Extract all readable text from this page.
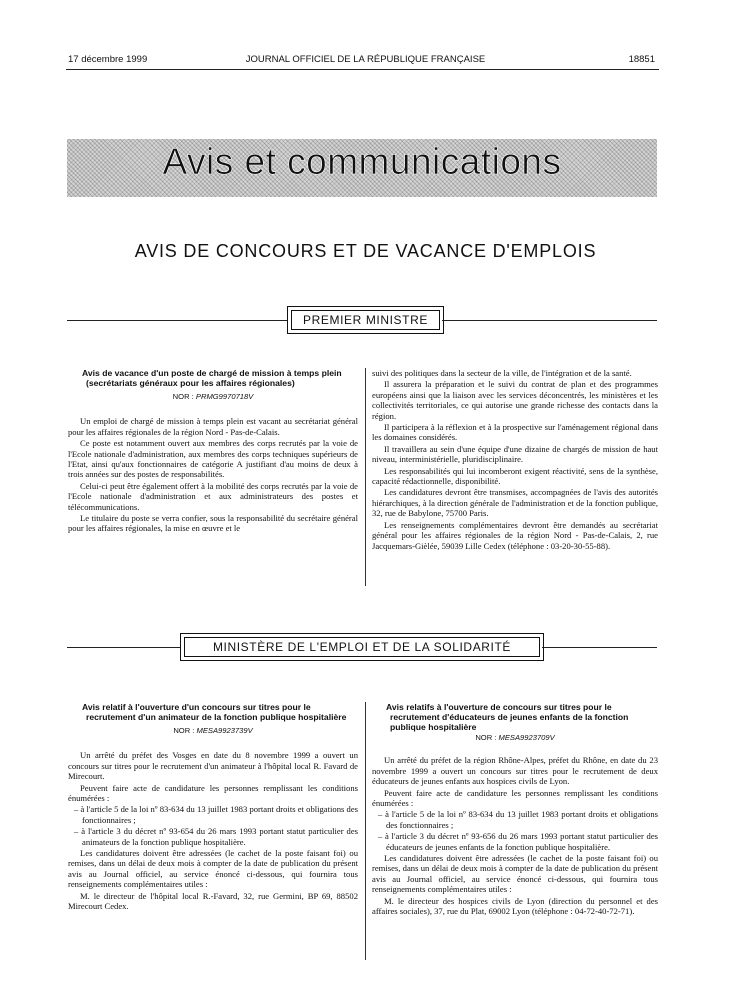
17 décembre 1999	JOURNAL OFFICIEL DE LA RÉPUBLIQUE FRANÇAISE	18851
Avis et communications
AVIS DE CONCOURS ET DE VACANCE D'EMPLOIS
PREMIER MINISTRE
Avis de vacance d'un poste de chargé de mission à temps plein (secrétariats généraux pour les affaires régionales)
NOR : PRMG9970718V

Un emploi de chargé de mission à temps plein est vacant au secrétariat général pour les affaires régionales de la région Nord - Pas-de-Calais.

Ce poste est notamment ouvert aux membres des corps recrutés par la voie de l'Ecole nationale d'administration, aux membres des corps techniques supérieurs de l'Etat, ainsi qu'aux fonctionnaires de catégorie A justifiant d'au moins de deux à trois années sur des postes de responsabilités.

Celui-ci peut être également offert à la mobilité des corps recrutés par la voie de l'Ecole nationale d'administration et aux administrateurs des postes et télécommunications.

Le titulaire du poste se verra confier, sous la responsabilité du secrétaire général pour les affaires régionales, la mise en œuvre et le

suivi des politiques dans la secteur de la ville, de l'intégration et de la santé.

Il assurera la préparation et le suivi du contrat de plan et des programmes européens ainsi que la liaison avec les services déconcentrés, les ministères et les collectivités territoriales, ce qui autorise une grande richesse des contacts dans la région.

Il participera à la réflexion et à la prospective sur l'aménagement régional dans les domaines considérés.

Il travaillera au sein d'une équipe d'une dizaine de chargés de mission de haut niveau, interministérielle, pluridisciplinaire.

Les responsabilités qui lui incomberont exigent réactivité, sens de la synthèse, capacité rédactionnelle, disponibilité.

Les candidatures devront être transmises, accompagnées de l'avis des autorités hiérarchiques, à la direction générale de l'administration et de la fonction publique, 32, rue de Babylone, 75700 Paris.

Les renseignements complémentaires devront être demandés au secrétariat général pour les affaires régionales de la région Nord - Pas-de-Calais, 2, rue Jacquemars-Gièlée, 59039 Lille Cedex (téléphone : 03-20-30-55-88).

MINISTÈRE DE L'EMPLOI ET DE LA SOLIDARITÉ
Avis relatif à l'ouverture d'un concours sur titres pour le recrutement d'un animateur de la fonction publique hospitalière
NOR : MESA9923739V

Un arrêté du préfet des Vosges en date du 8 novembre 1999 a ouvert un concours sur titres pour le recrutement d'un animateur à l'hôpital local R. Favard de Mirecourt.

Peuvent faire acte de candidature les personnes remplissant les conditions énumérées :

– à l'article 5 de la loi nº 83-634 du 13 juillet 1983 portant droits et obligations des fonctionnaires ;
– à l'article 3 du décret nº 93-654 du 26 mars 1993 portant statut particulier des animateurs de la fonction publique hospitalière.

Les candidatures doivent être adressées (le cachet de la poste faisant foi) ou remises, dans un délai de deux mois à compter de la date de publication du présent avis au Journal officiel, au service énoncé ci-dessous, qui fournira tous renseignements complémentaires utiles :

M. le directeur de l'hôpital local R.-Favard, 32, rue Germini, BP 69, 88502 Mirecourt Cedex.

Avis relatifs à l'ouverture de concours sur titres pour le recrutement d'éducateurs de jeunes enfants de la fonction publique hospitalière
NOR : MESA9923709V

Un arrêté du préfet de la région Rhône-Alpes, préfet du Rhône, en date du 23 novembre 1999 a ouvert un concours sur titres pour le recrutement de deux éducateurs de jeunes enfants aux hospices civils de Lyon.

Peuvent faire acte de candidature les personnes remplissant les conditions énumérées :

– à l'article 5 de la loi nº 83-634 du 13 juillet 1983 portant droits et obligations des fonctionnaires ;
– à l'article 3 du décret nº 93-656 du 26 mars 1993 portant statut particulier des éducateurs de jeunes enfants de la fonction publique hospitalière.

Les candidatures doivent être adressées (le cachet de la poste faisant foi) ou remises, dans un délai de deux mois à compter de la date de publication du présent avis au Journal officiel, au service énoncé ci-dessous, qui fournira tous renseignements complémentaires utiles :

M. le directeur des hospices civils de Lyon (direction du personnel et des affaires sociales), 37, rue du Plat, 69002 Lyon (téléphone : 04-72-40-72-71).
